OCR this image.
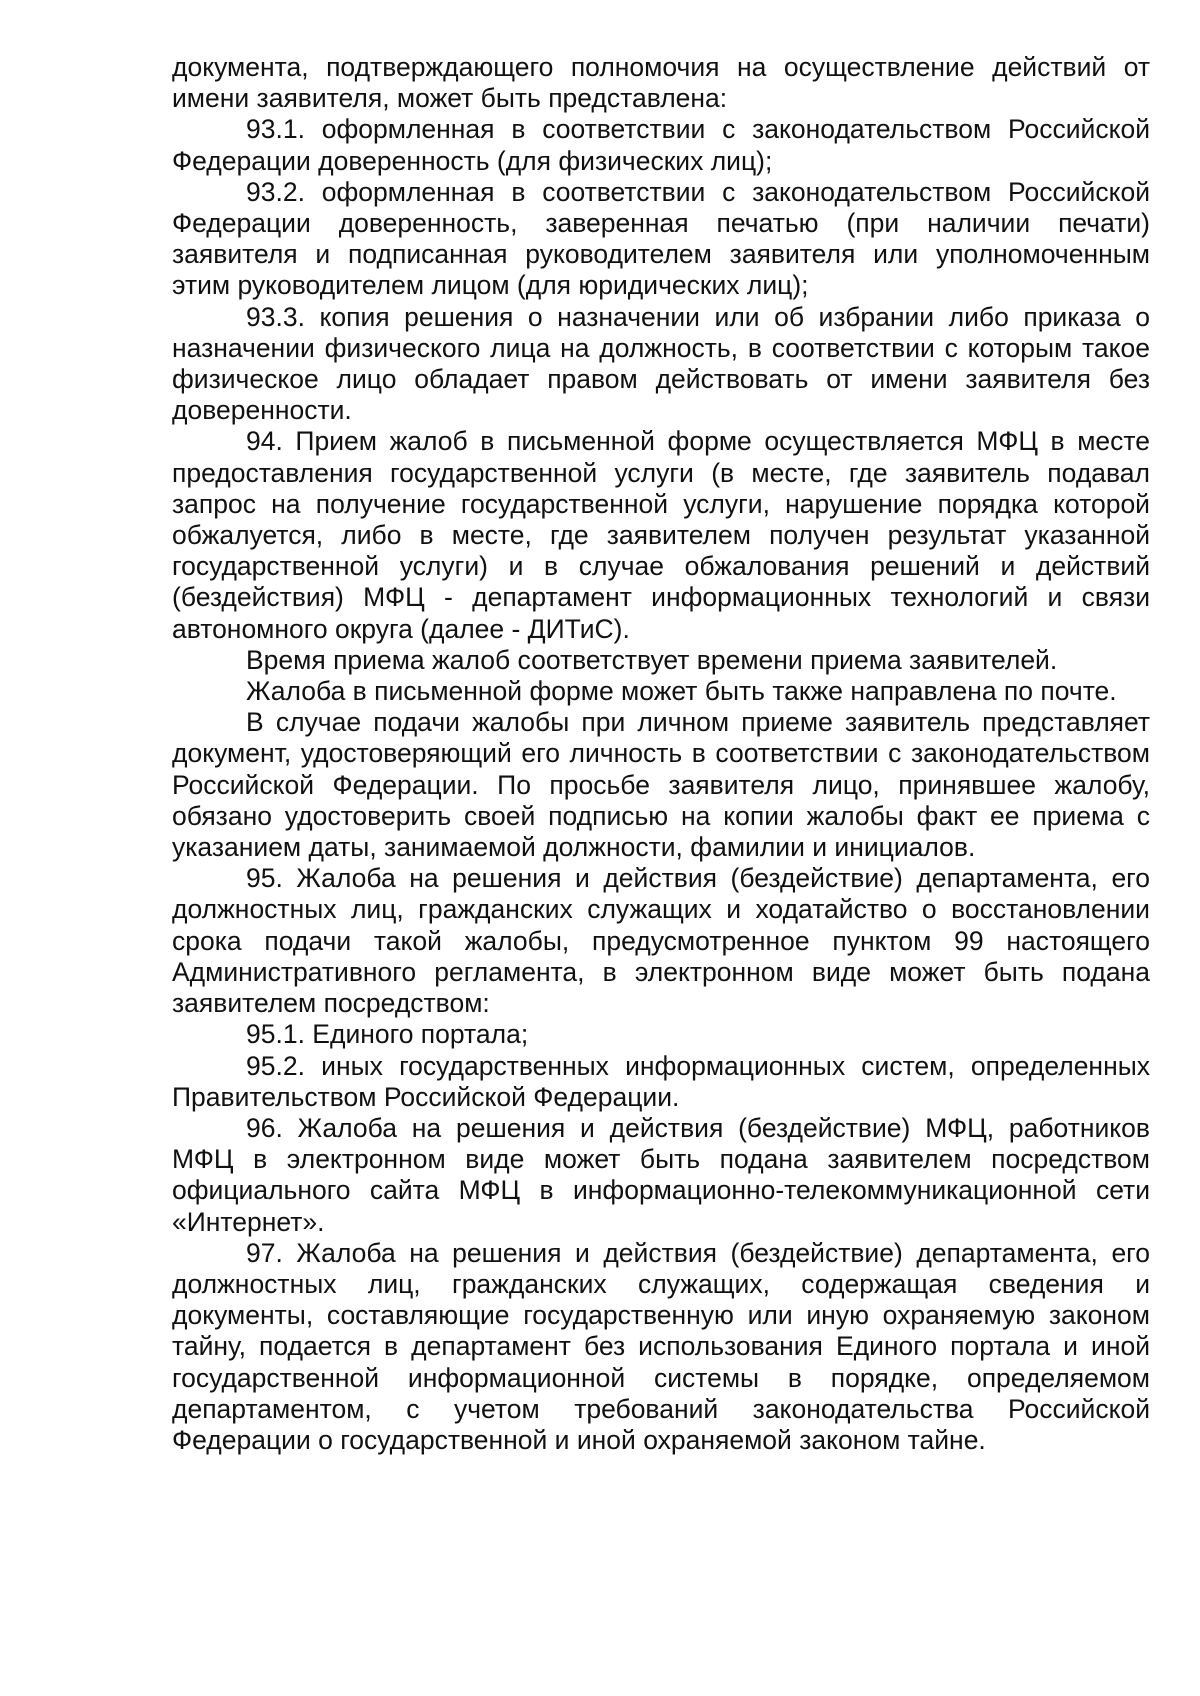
документа, подтверждающего полномочия на осуществление действий от имени заявителя, может быть представлена:

93.1. оформленная в соответствии с законодательством Российской Федерации доверенность (для физических лиц);

93.2. оформленная в соответствии с законодательством Российской Федерации доверенность, заверенная печатью (при наличии печати) заявителя и подписанная руководителем заявителя или уполномоченным этим руководителем лицом (для юридических лиц);

93.3. копия решения о назначении или об избрании либо приказа о назначении физического лица на должность, в соответствии с которым такое физическое лицо обладает правом действовать от имени заявителя без доверенности.

94. Прием жалоб в письменной форме осуществляется МФЦ в месте предоставления государственной услуги (в месте, где заявитель подавал запрос на получение государственной услуги, нарушение порядка которой обжалуется, либо в месте, где заявителем получен результат указанной государственной услуги) и в случае обжалования решений и действий (бездействия) МФЦ - департамент информационных технологий и связи автономного округа (далее - ДИТиС).

Время приема жалоб соответствует времени приема заявителей.

Жалоба в письменной форме может быть также направлена по почте.

В случае подачи жалобы при личном приеме заявитель представляет документ, удостоверяющий его личность в соответствии с законодательством Российской Федерации. По просьбе заявителя лицо, принявшее жалобу, обязано удостоверить своей подписью на копии жалобы факт ее приема с указанием даты, занимаемой должности, фамилии и инициалов.

95. Жалоба на решения и действия (бездействие) департамента, его должностных лиц, гражданских служащих и ходатайство о восстановлении срока подачи такой жалобы, предусмотренное пунктом 99 настоящего Административного регламента, в электронном виде может быть подана заявителем посредством:

95.1. Единого портала;

95.2. иных государственных информационных систем, определенных Правительством Российской Федерации.

96. Жалоба на решения и действия (бездействие) МФЦ, работников МФЦ в электронном виде может быть подана заявителем посредством официального сайта МФЦ в информационно-телекоммуникационной сети «Интернет».

97. Жалоба на решения и действия (бездействие) департамента, его должностных лиц, гражданских служащих, содержащая сведения и документы, составляющие государственную или иную охраняемую законом тайну, подается в департамент без использования Единого портала и иной государственной информационной системы в порядке, определяемом департаментом, с учетом требований законодательства Российской Федерации о государственной и иной охраняемой законом тайне.
